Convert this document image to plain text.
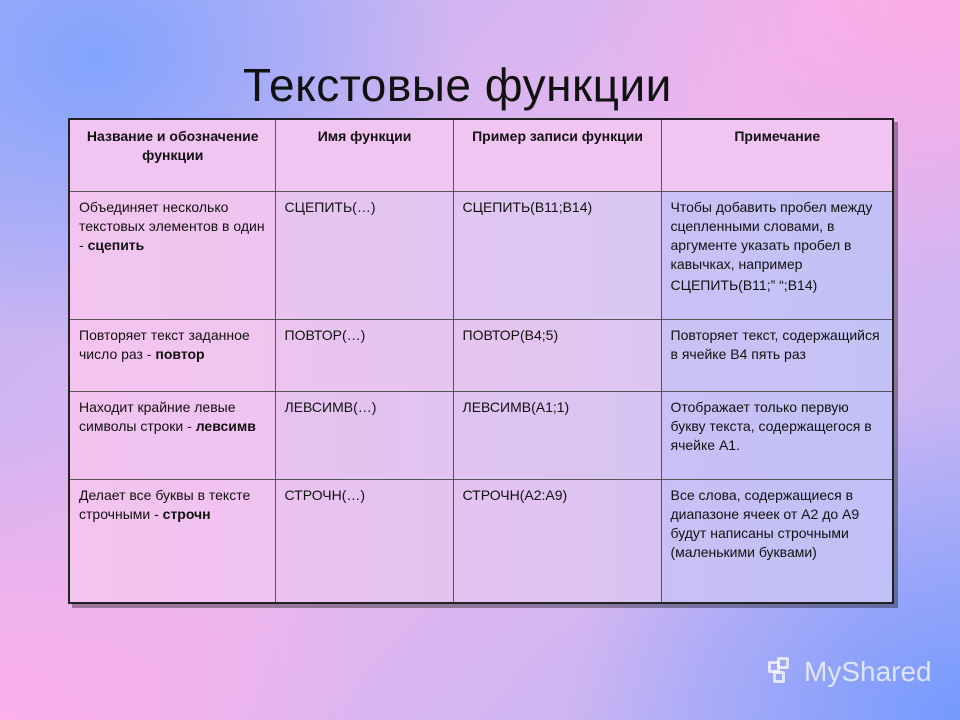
Текстовые функции
Название и обозначение функции	Имя функции	Пример записи функции	Примечание
Объединяет несколько текстовых элементов в один - сцепить	СЦЕПИТЬ(…)	СЦЕПИТЬ(В11;В14)	Чтобы добавить пробел между сцепленными словами, в аргументе указать пробел в кавычках, например
СЦЕПИТЬ(В11;” “;В14)

Повторяет текст заданное число раз - повтор	ПОВТОР(…)	ПОВТОР(В4;5)	Повторяет текст, содержащийся в ячейке В4 пять раз
Находит крайние левые символы строки - левсимв	ЛЕВСИМВ(…)	ЛЕВСИМВ(А1;1)	Отображает только первую букву текста, содержащегося в ячейке А1.
Делает все буквы в тексте строчными - строчн	СТРОЧН(…)	СТРОЧН(А2:А9)	Все слова, содержащиеся в диапазоне ячеек от А2 до А9 будут написаны строчными (маленькими буквами)
MyShared
